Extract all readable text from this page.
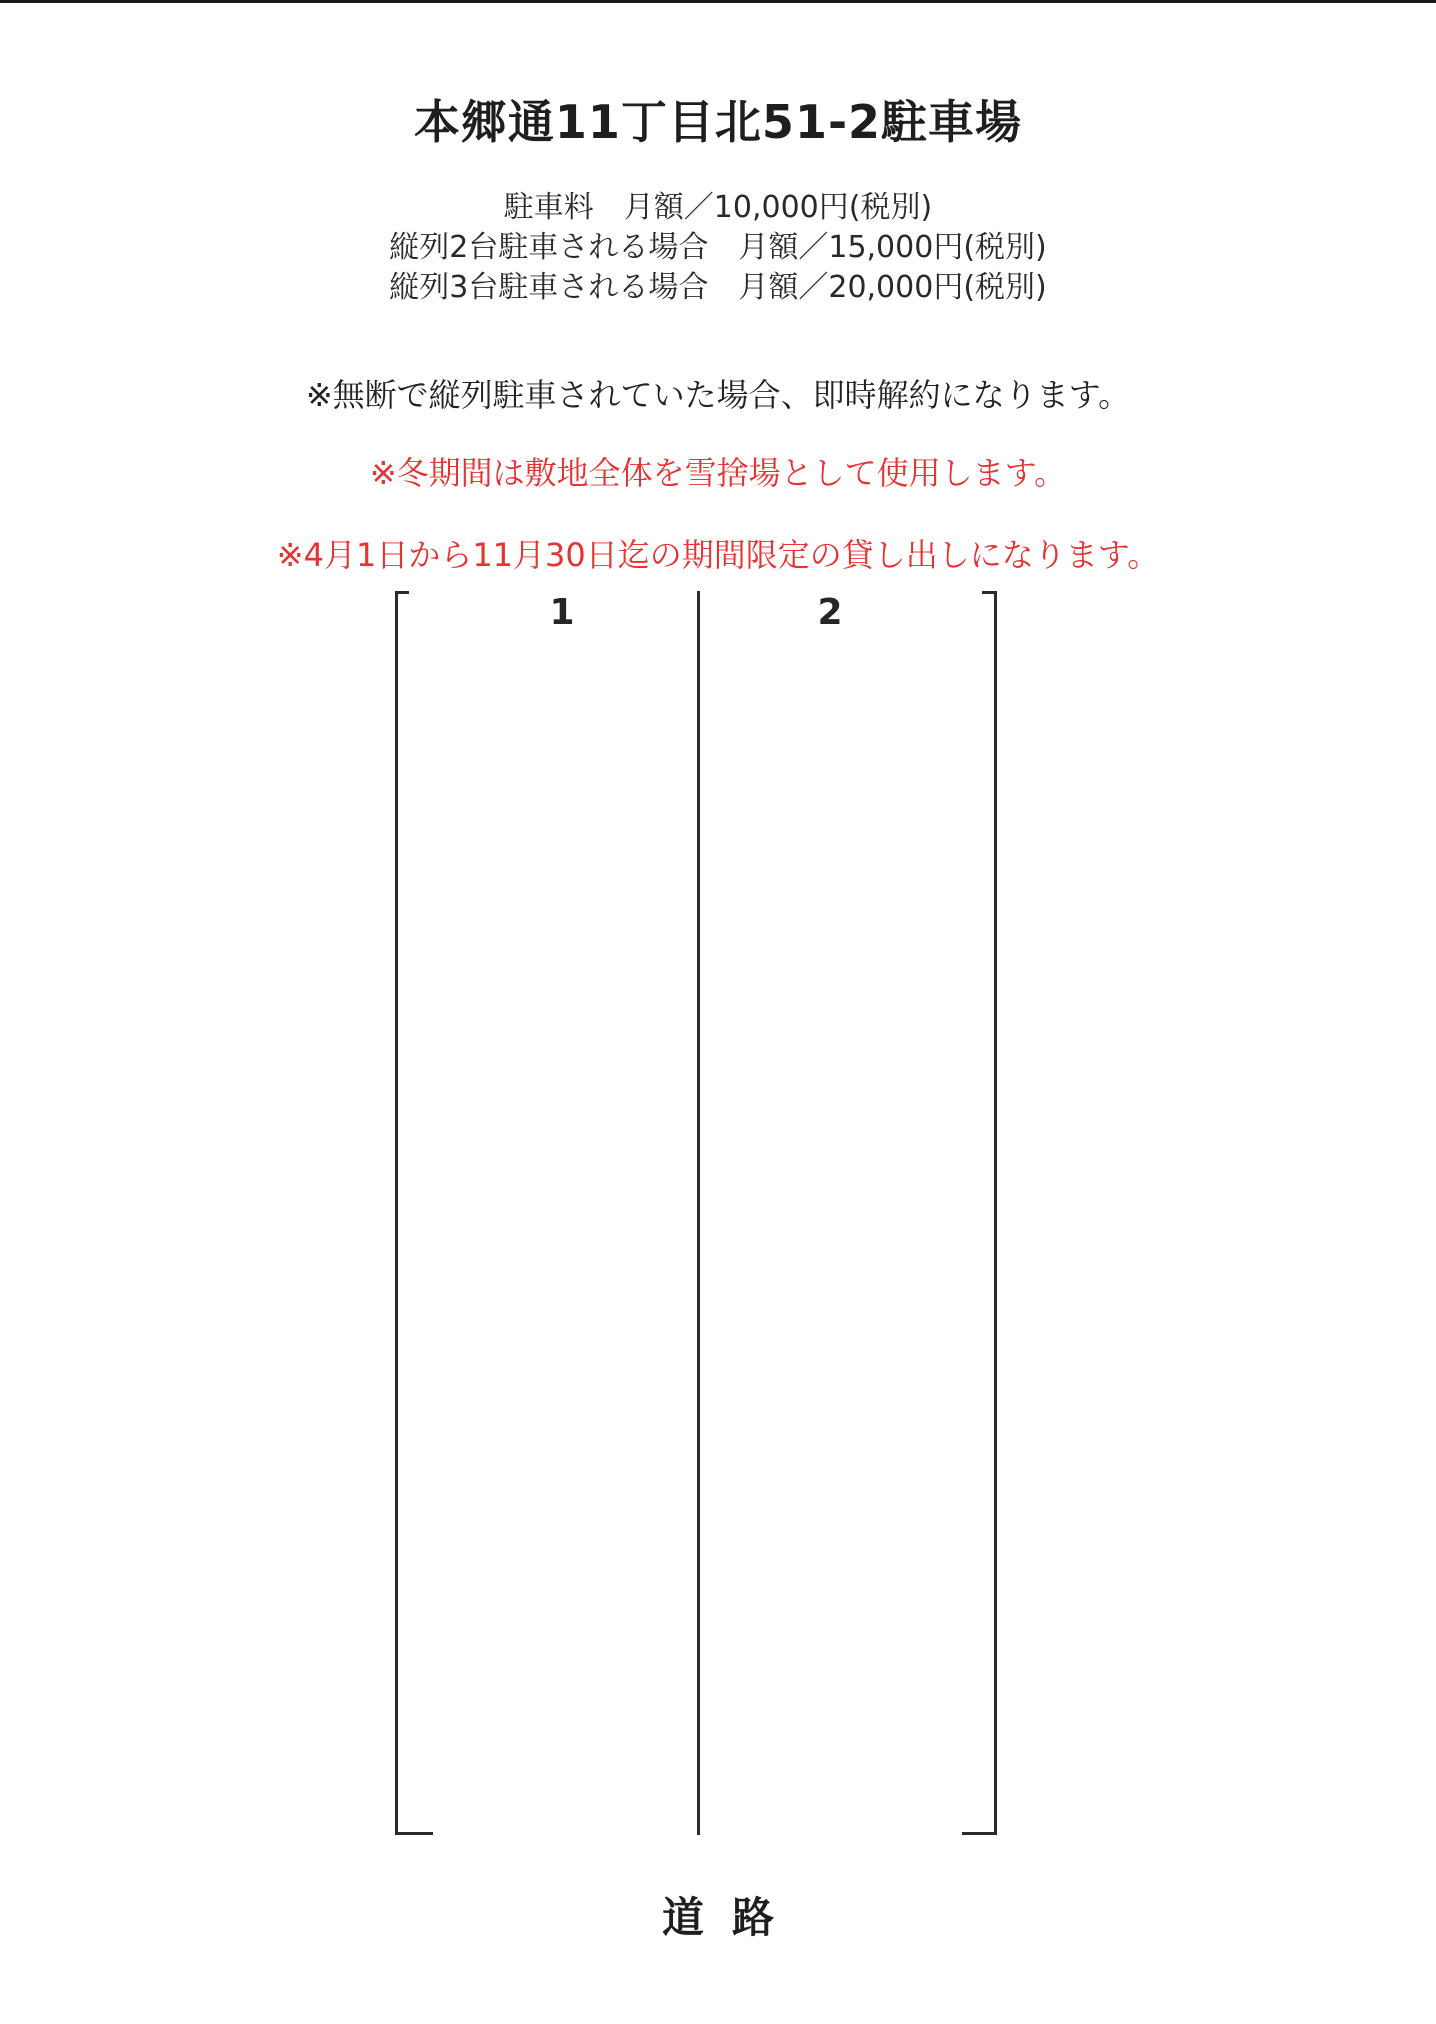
本郷通11丁目北51-2駐車場
駐車料　月額／10,000円(税別)
縦列2台駐車される場合　月額／15,000円(税別)
縦列3台駐車される場合　月額／20,000円(税別)
※無断で縦列駐車されていた場合、即時解約になります。
※冬期間は敷地全体を雪捨場として使用します。
※4月1日から11月30日迄の期間限定の貸し出しになります。
1	2
道路
